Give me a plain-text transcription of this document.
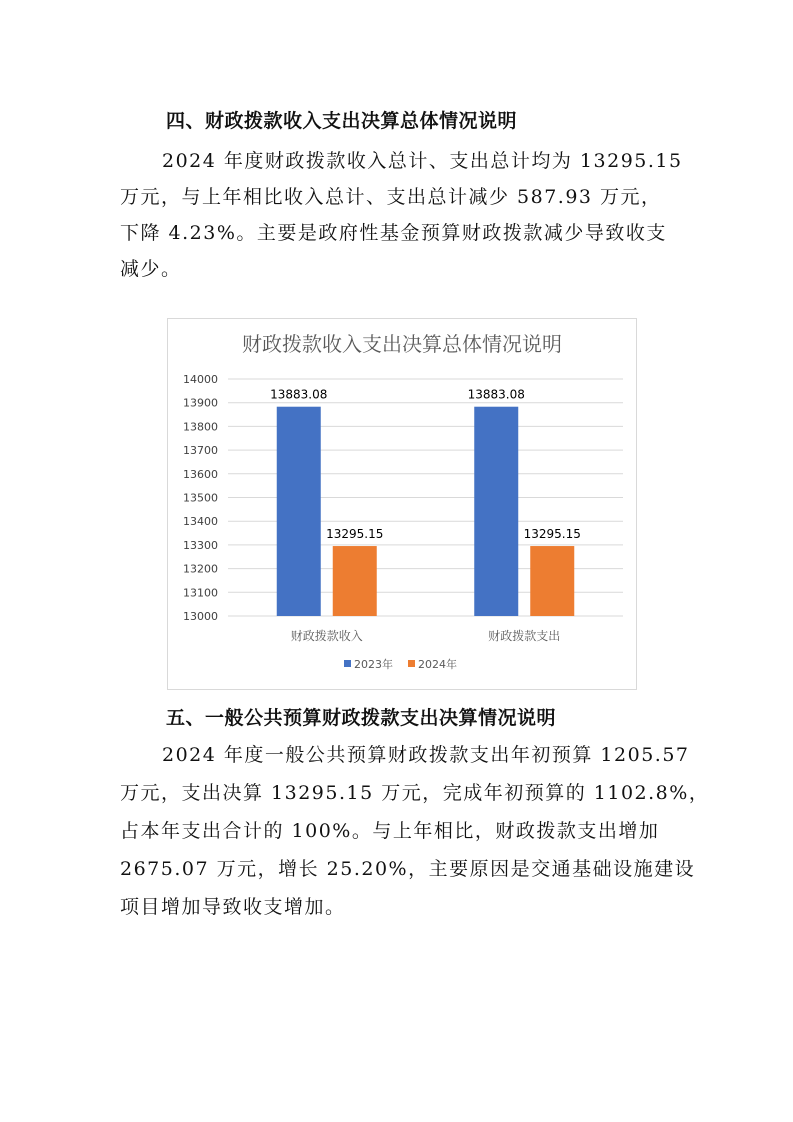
四、财政拨款收入支出决算总体情况说明
2024 年度财政拨款收入总计、支出总计均为 13295.15
万元，与上年相比收入总计、支出总计减少 587.93 万元，
下降 4.23%。主要是政府性基金预算财政拨款减少导致收支
减少。
财政拨款收入支出决算总体情况说明
13000
13100
13200
13300
13400
13500
13600
13700
13800
13900
14000
13883.08
13295.15
13883.08
13295.15
财政拨款收入	财政拨款支出
2023年 2024年
五、一般公共预算财政拨款支出决算情况说明
2024 年度一般公共预算财政拨款支出年初预算 1205.57
万元，支出决算 13295.15 万元，完成年初预算的 1102.8%，
占本年支出合计的 100%。与上年相比，财政拨款支出增加
2675.07 万元，增长 25.20%，主要原因是交通基础设施建设
项目增加导致收支增加。
